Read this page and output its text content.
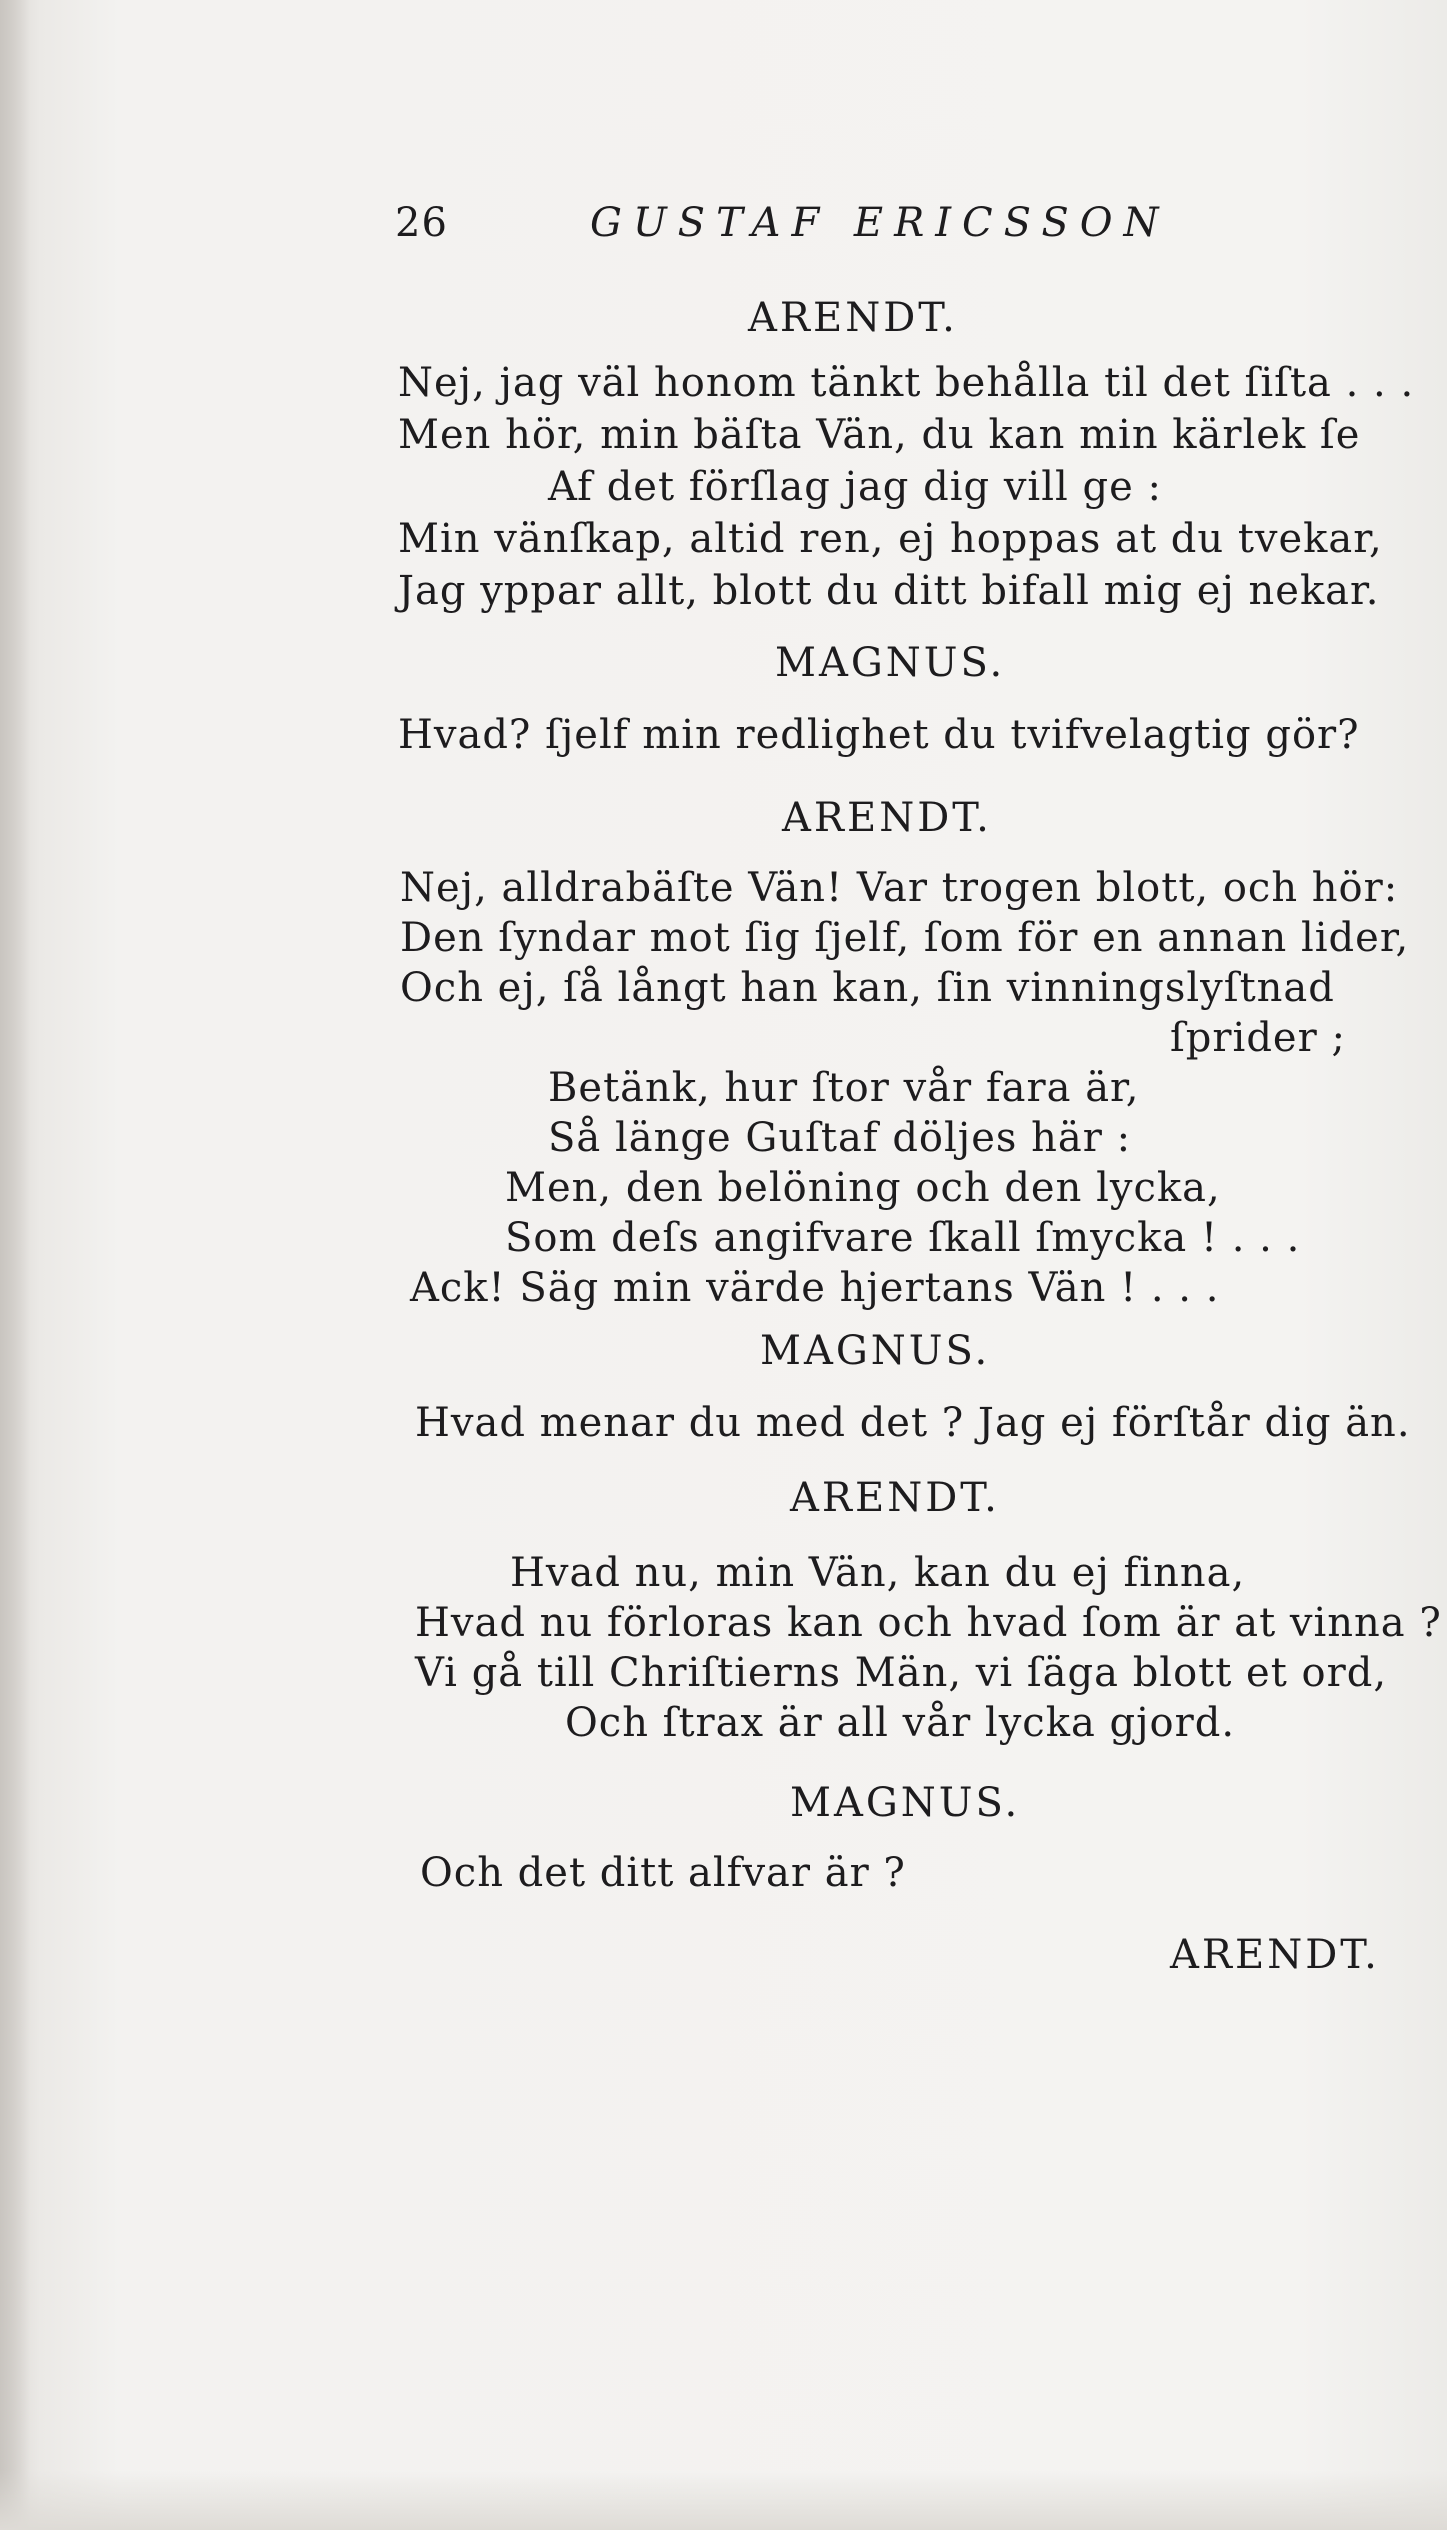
26	GUSTAF ERICSSON
ARENDT.
Nej, jag väl honom tänkt behålla til det ſiſta . . .
Men hör, min bäſta Vän, du kan min kärlek ſe
Af det förſlag jag dig vill ge :
Min vänſkap, altid ren, ej hoppas at du tvekar,
Jag yppar allt, blott du ditt bifall mig ej nekar.
MAGNUS.
Hvad? ſjelf min redlighet du tvifvelagtig gör?
ARENDT.
Nej, alldrabäſte Vän! Var trogen blott, och hör:
Den ſyndar mot ſig ſjelf, ſom för en annan lider,
Och ej, ſå långt han kan, ſin vinningslyſtnad
ſprider ;
Betänk, hur ſtor vår fara är,
Så länge Guſtaf döljes här :
Men, den belöning och den lycka,
Som deſs angifvare ſkall ſmycka ! . . .
Ack! Säg min värde hjertans Vän ! . . .
MAGNUS.
Hvad menar du med det ? Jag ej förſtår dig än.
ARENDT.
Hvad nu, min Vän, kan du ej finna,
Hvad nu förloras kan och hvad ſom är at vinna ?
Vi gå till Chriſtierns Män, vi ſäga blott et ord,
Och ſtrax är all vår lycka gjord.
MAGNUS.
Och det ditt alfvar är ?
ARENDT.
